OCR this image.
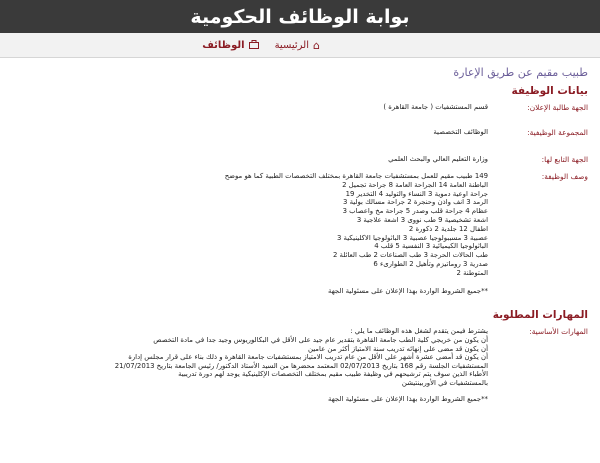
بوابة الوظائف الحكومية
⌂
الرئيسية
الوظائف
طبيب مقيم عن طريق الإعارة
بيانات الوظيفة
الجهة طالبة الإعلان:
قسم المستشفيات ( جامعة القاهرة )
المجموعة الوظيفية:
الوظائف التخصصية
الجهة التابع لها:
وزارة التعليم العالي والبحث العلمي
وصف الوظيفة:
149 طبيب مقيم للعمل بمستشفيات جامعة القاهرة بمختلف التخصصات الطبية كما هو موضح
الباطنة العامة 14 الجراحة العامة 8 جراحة تجميل 2
جراحة اوعية دموية 3 النساء والتوليد 4 التخدير 19
الرمد 3 انف واذن وحنجرة 2 جراحة مسالك بولية 3
عظام 4 جراحة قلب وصدر 5 جراحة مخ واعصاب 3
اشعة تشخيصية 9 طب نووى 3 اشعة علاجية 3
اطفال 12 جلدية 2 ذكورة 2
عصبية 3 مسببولوجيا عصبية 3 الباثولوجيا الاكلينيكية 3
الباثولوجيا الكيميائية 3 النفسية 5 قلب 4
طب الحالات الحرجة 3 طب الصناعات 2 طب العائلة 2
صدرية 3 روماتيزم وتأهيل 2 الطوارىء 6
المتوطنة 2
**جميع الشروط الواردة بهذا الإعلان على مسئولية الجهة
المهارات المطلوبة
المهارات الأساسية:
يشترط فيمن يتقدم لشغل هذه الوظائف ما يلي :
أن يكون من خريجي كلية الطب جامعة القاهرة بتقدير عام جيد على الأقل في البكالوريوس وجيد جدا في مادة التخصص
أن يكون قد مضى على إنهائه تدريب سنة الامتياز أكثر من عامين
أن يكون قد أمضى عشرة أشهر على الأقل من عام تدريب الامتياز بمستشفيات جامعة القاهرة و ذلك بناء على قرار مجلس إدارة
المستشفيات الجلسة رقم 168 بتاريخ 02/07/2013 المعتمد محضرها من السيد الأستاذ الدكتور/ رئيس الجامعة بتاريخ 21/07/2013
الأطباء الذين سوف يتم ترشيحهم في وظيفة طبيب مقيم بمختلف التخصصات الإكلينيكية يوجد لهم دورة تدريبية
بالمستشفيات في الأوربينتيشن
**جميع الشروط الواردة بهذا الإعلان على مسئولية الجهة
